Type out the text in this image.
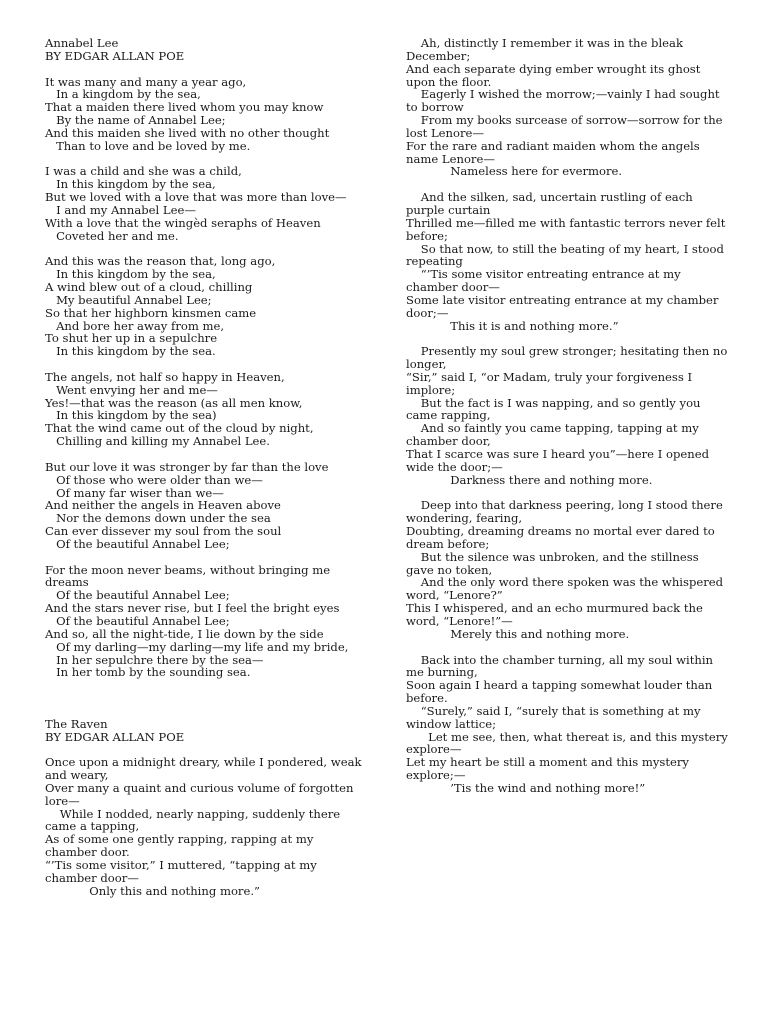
Annabel Lee
BY EDGAR ALLAN POE
It was many and many a year ago,
In a kingdom by the sea,
That a maiden there lived whom you may know
By the name of Annabel Lee;
And this maiden she lived with no other thought
Than to love and be loved by me.
I was a child and she was a child,
In this kingdom by the sea,
But we loved with a love that was more than love—
I and my Annabel Lee—
With a love that the wingèd seraphs of Heaven
Coveted her and me.
And this was the reason that, long ago,
In this kingdom by the sea,
A wind blew out of a cloud, chilling
My beautiful Annabel Lee;
So that her highborn kinsmen came
And bore her away from me,
To shut her up in a sepulchre
In this kingdom by the sea.
The angels, not half so happy in Heaven,
Went envying her and me—
Yes!—that was the reason (as all men know,
In this kingdom by the sea)
That the wind came out of the cloud by night,
Chilling and killing my Annabel Lee.
But our love it was stronger by far than the love
Of those who were older than we—
Of many far wiser than we—
And neither the angels in Heaven above
Nor the demons down under the sea
Can ever dissever my soul from the soul
Of the beautiful Annabel Lee;
For the moon never beams, without bringing me dreams
Of the beautiful Annabel Lee;
And the stars never rise, but I feel the bright eyes
Of the beautiful Annabel Lee;
And so, all the night-tide, I lie down by the side
Of my darling—my darling—my life and my bride,
In her sepulchre there by the sea—
In her tomb by the sounding sea.
The Raven
BY EDGAR ALLAN POE
Once upon a midnight dreary, while I pondered, weak and weary,
Over many a quaint and curious volume of forgotten lore—
While I nodded, nearly napping, suddenly there came a tapping,
As of some one gently rapping, rapping at my chamber door.
“’Tis some visitor,” I muttered, “tapping at my chamber door—
Only this and nothing more.”
Ah, distinctly I remember it was in the bleak December;
And each separate dying ember wrought its ghost upon the floor.
Eagerly I wished the morrow;—vainly I had sought to borrow
From my books surcease of sorrow—sorrow for the lost Lenore—
For the rare and radiant maiden whom the angels name Lenore—
Nameless here for evermore.
And the silken, sad, uncertain rustling of each purple curtain
Thrilled me—filled me with fantastic terrors never felt before;
So that now, to still the beating of my heart, I stood repeating
“’Tis some visitor entreating entrance at my chamber door—
Some late visitor entreating entrance at my chamber door;—
This it is and nothing more.”
Presently my soul grew stronger; hesitating then no longer,
“Sir,” said I, “or Madam, truly your forgiveness I implore;
But the fact is I was napping, and so gently you came rapping,
And so faintly you came tapping, tapping at my chamber door,
That I scarce was sure I heard you”—here I opened wide the door;—
Darkness there and nothing more.
Deep into that darkness peering, long I stood there wondering, fearing,
Doubting, dreaming dreams no mortal ever dared to dream before;
But the silence was unbroken, and the stillness gave no token,
And the only word there spoken was the whispered word, “Lenore?”
This I whispered, and an echo murmured back the word, “Lenore!”—
Merely this and nothing more.
Back into the chamber turning, all my soul within me burning,
Soon again I heard a tapping somewhat louder than before.
“Surely,” said I, “surely that is something at my window lattice;
Let me see, then, what thereat is, and this mystery explore—
Let my heart be still a moment and this mystery explore;—
’Tis the wind and nothing more!”
